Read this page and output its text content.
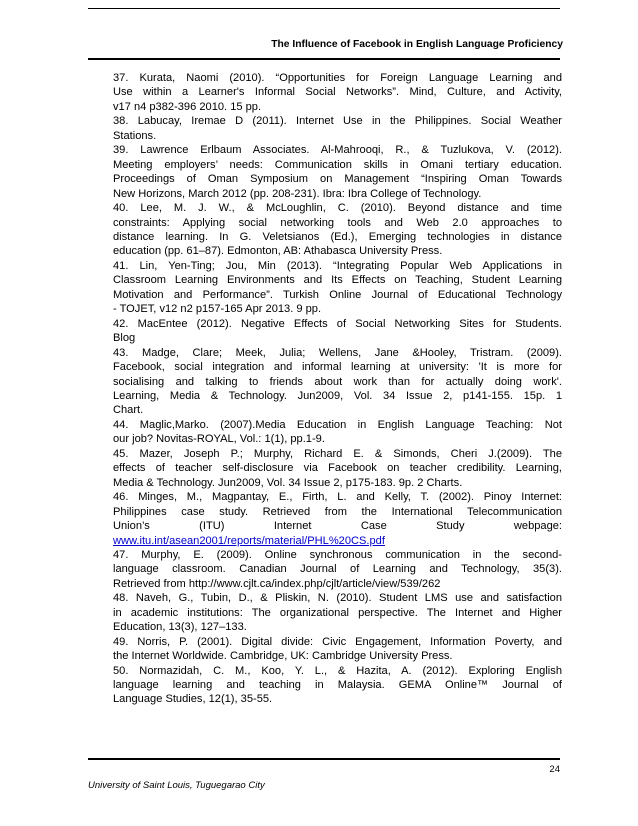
The Influence of Facebook in English Language Proficiency

37. Kurata, Naomi (2010). “Opportunities for Foreign Language Learning and
Use within a Learner's Informal Social Networks”. Mind, Culture, and Activity,
v17 n4 p382-396 2010. 15 pp.

38. Labucay, Iremae D (2011). Internet Use in the Philippines. Social Weather
Stations.

39. Lawrence Erlbaum Associates. Al-Mahrooqi, R., & Tuzlukova, V. (2012).
Meeting employers’ needs: Communication skills in Omani tertiary education.
Proceedings of Oman Symposium on Management “Inspiring Oman Towards
New Horizons, March 2012 (pp. 208-231). Ibra: Ibra College of Technology.

40. Lee, M. J. W., & McLoughlin, C. (2010). Beyond distance and time
constraints: Applying social networking tools and Web 2.0 approaches to
distance learning. In G. Veletsianos (Ed.), Emerging technologies in distance
education (pp. 61–87). Edmonton, AB: Athabasca University Press.

41. Lin, Yen-Ting; Jou, Min (2013). “Integrating Popular Web Applications in
Classroom Learning Environments and Its Effects on Teaching, Student Learning
Motivation and Performance”. Turkish Online Journal of Educational Technology
- TOJET, v12 n2 p157-165 Apr 2013. 9 pp.

42. MacEntee (2012). Negative Effects of Social Networking Sites for Students.
Blog

43. Madge, Clare; Meek, Julia; Wellens, Jane &Hooley, Tristram. (2009).
Facebook, social integration and informal learning at university: 'It is more for
socialising and talking to friends about work than for actually doing work'.
Learning, Media & Technology. Jun2009, Vol. 34 Issue 2, p141-155. 15p. 1
Chart.

44. Maglic,Marko. (2007).Media Education in English Language Teaching: Not
our job? Novitas-ROYAL, Vol.: 1(1), pp.1-9.

45. Mazer, Joseph P.; Murphy, Richard E. & Simonds, Cheri J.(2009). The
effects of teacher self-disclosure via Facebook on teacher credibility. Learning,
Media & Technology. Jun2009, Vol. 34 Issue 2, p175-183. 9p. 2 Charts.

46. Minges, M., Magpantay, E., Firth, L. and Kelly, T. (2002). Pinoy Internet:
Philippines case study. Retrieved from the International Telecommunication
Union’s (ITU) Internet Case Study webpage:
www.itu.int/asean2001/reports/material/PHL%20CS.pdf

47. Murphy, E. (2009). Online synchronous communication in the second-
language classroom. Canadian Journal of Learning and Technology, 35(3).
Retrieved from http://www.cjlt.ca/index.php/cjlt/article/view/539/262

48. Naveh, G., Tubin, D., & Pliskin, N. (2010). Student LMS use and satisfaction
in academic institutions: The organizational perspective. The Internet and Higher
Education, 13(3), 127–133.

49. Norris, P. (2001). Digital divide: Civic Engagement, Information Poverty, and
the Internet Worldwide. Cambridge, UK: Cambridge University Press.

50. Normazidah, C. M., Koo, Y. L., & Hazita, A. (2012). Exploring English
language learning and teaching in Malaysia. GEMA Online™ Journal of
Language Studies, 12(1), 35-55.

24
University of Saint Louis, Tuguegarao City
